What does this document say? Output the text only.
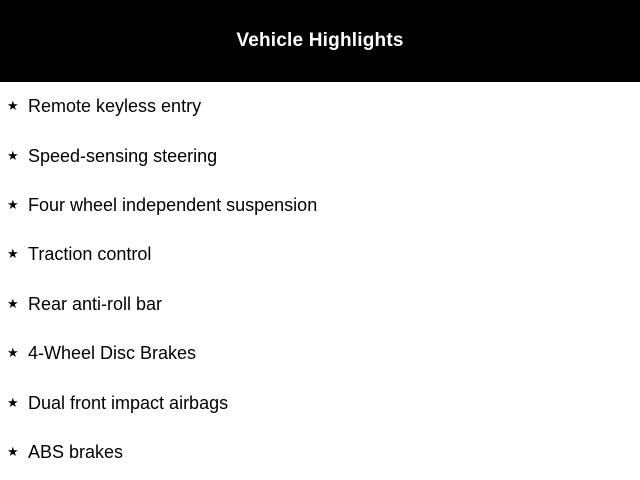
Vehicle Highlights
★ Remote keyless entry
★ Speed-sensing steering
★ Four wheel independent suspension
★ Traction control
★ Rear anti-roll bar
★ 4-Wheel Disc Brakes
★ Dual front impact airbags
★ ABS brakes
